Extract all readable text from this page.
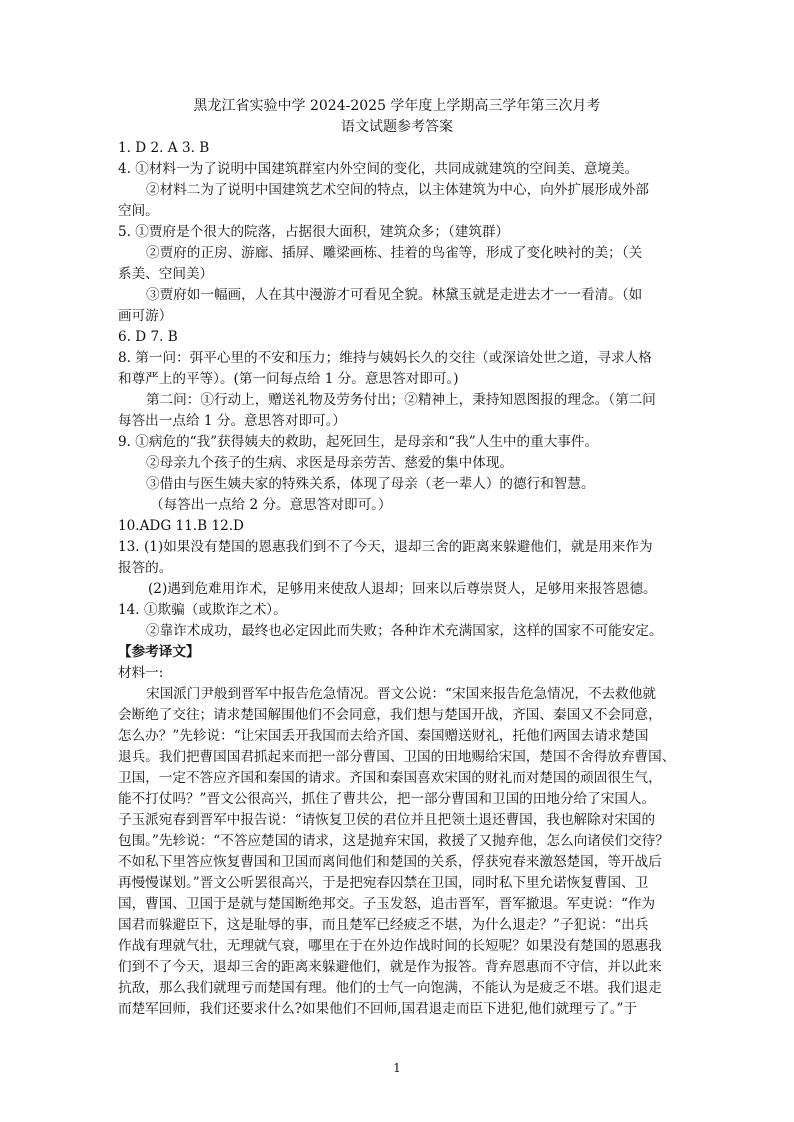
黑龙江省实验中学 2024-2025 学年度上学期高三学年第三次月考
语文试题参考答案
1. D 2. A 3. B
4. ①材料一为了说明中国建筑群室内外空间的变化，共同成就建筑的空间美、意境美。
②材料二为了说明中国建筑艺术空间的特点，以主体建筑为中心，向外扩展形成外部
空间。
5. ①贾府是个很大的院落，占据很大面积，建筑众多；（建筑群）
②贾府的正房、游廊、插屏、雕梁画栋、挂着的鸟雀等，形成了变化映衬的美；（关
系美、空间美）
③贾府如一幅画，人在其中漫游才可看见全貌。林黛玉就是走进去才一一看清。（如
画可游）
6. D 7. B
8. 第一问：弭平心里的不安和压力；维持与姨妈长久的交往（或深谙处世之道，寻求人格
和尊严上的平等）。(第一问每点给 1 分。意思答对即可。)
第二问：①行动上，赠送礼物及劳务付出；②精神上，秉持知恩图报的理念。（第二问
每答出一点给 1 分。意思答对即可。）
9. ①病危的“我”获得姨夫的救助，起死回生，是母亲和“我”人生中的重大事件。
②母亲九个孩子的生病、求医是母亲劳苦、慈爱的集中体现。
③借由与医生姨夫家的特殊关系，体现了母亲（老一辈人）的德行和智慧。
（每答出一点给 2 分。意思答对即可。）
10.ADG 11.B 12.D
13. (1)如果没有楚国的恩惠我们到不了今天，退却三舍的距离来躲避他们，就是用来作为
报答的。
(2)遇到危难用诈术，足够用来使敌人退却；回来以后尊崇贤人，足够用来报答恩德。
14. ①欺骗（或欺诈之术）。
②靠诈术成功，最终也必定因此而失败；各种诈术充满国家，这样的国家不可能安定。
【参考译文】
材料一:
宋国派门尹般到晋军中报告危急情况。晋文公说：“宋国来报告危急情况，不去救他就
会断绝了交往；请求楚国解围他们不会同意，我们想与楚国开战，齐国、秦国又不会同意，
怎么办？”先轸说：“让宋国丢开我国而去给齐国、秦国赠送财礼，托他们两国去请求楚国
退兵。我们把曹国国君抓起来而把一部分曹国、卫国的田地赐给宋国，楚国不舍得放弃曹国、
卫国，一定不答应齐国和秦国的请求。齐国和秦国喜欢宋国的财礼而对楚国的顽固很生气，
能不打仗吗？”晋文公很高兴，抓住了曹共公，把一部分曹国和卫国的田地分给了宋国人。
子玉派宛春到晋军中报告说：“请恢复卫侯的君位并且把领土退还曹国，我也解除对宋国的
包围。”先轸说：“不答应楚国的请求，这是抛弃宋国，救援了又抛弃他，怎么向诸侯们交待？
不如私下里答应恢复曹国和卫国而离间他们和楚国的关系，俘获宛春来激怒楚国，等开战后
再慢慢谋划。”晋文公听罢很高兴，于是把宛春囚禁在卫国，同时私下里允诺恢复曹国、卫
国，曹国、卫国于是就与楚国断绝邦交。子玉发怒，追击晋军，晋军撤退。军吏说：“作为
国君而躲避臣下，这是耻辱的事，而且楚军已经疲乏不堪，为什么退走？”子犯说：“出兵
作战有理就气壮，无理就气衰，哪里在于在外边作战时间的长短呢？如果没有楚国的恩惠我
们到不了今天，退却三舍的距离来躲避他们，就是作为报答。背弃恩惠而不守信，并以此来
抗敌，那么我们就理亏而楚国有理。他们的士气一向饱满，不能认为是疲乏不堪。我们退走
而楚军回师，我们还要求什么?如果他们不回师,国君退走而臣下进犯,他们就理亏了。”于
1
